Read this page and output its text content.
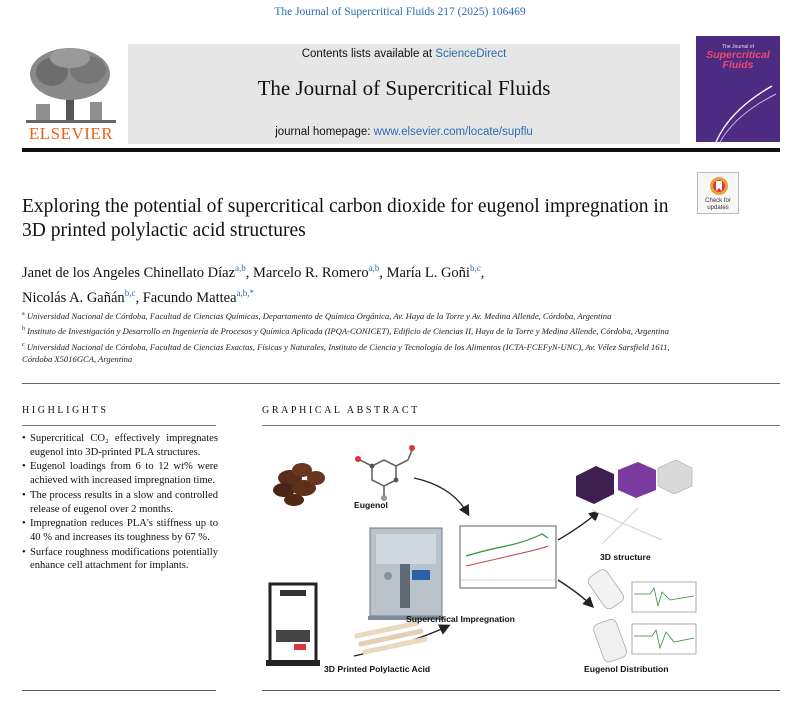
The Journal of Supercritical Fluids 217 (2025) 106469
ELSEVIER
Contents lists available at ScienceDirect
The Journal of Supercritical Fluids
journal homepage: www.elsevier.com/locate/supflu
The Journal of
Supercritical Fluids
Check for updates
Exploring the potential of supercritical carbon dioxide for eugenol impregnation in 3D printed polylactic acid structures
Janet de los Angeles Chinellato Díaz$^{a,b}$, Marcelo R. Romero$^{a,b}$, María L. Goñi$^{b,c}$,
Nicolás A. Gañán$^{b,c}$, Facundo Mattea$^{a,b,*}$
$^a$ Universidad Nacional de Córdoba, Facultad de Ciencias Químicas, Departamento de Química Orgánica, Av. Haya de la Torre y Av. Medina Allende, Córdoba, Argentina
$^b$ Instituto de Investigación y Desarrollo en Ingeniería de Procesos y Química Aplicada (IPQA-CONICET), Edificio de Ciencias II, Haya de la Torre y Medina Allende, Córdoba, Argentina
$^c$ Universidad Nacional de Córdoba, Facultad de Ciencias Exactas, Físicas y Naturales, Instituto de Ciencia y Tecnología de los Alimentos (ICTA-FCEFyN-UNC), Av. Vélez Sarsfield 1611, Córdoba X5016GCA, Argentina
HIGHLIGHTS
• Supercritical CO₂ effectively impregnates eugenol into 3D-printed PLA structures.
• Eugenol loadings from 6 to 12 wt% were achieved with increased impregnation time.
• The process results in a slow and controlled release of eugenol over 2 months.
• Impregnation reduces PLA's stiffness up to 40 % and increases its toughness by 67 %.
• Surface roughness modifications potentially enhance cell attachment for implants.
GRAPHICAL ABSTRACT
Eugenol
Supercritical Impregnation
3D Printed Polylactic Acid
3D structure
Eugenol Distribution
